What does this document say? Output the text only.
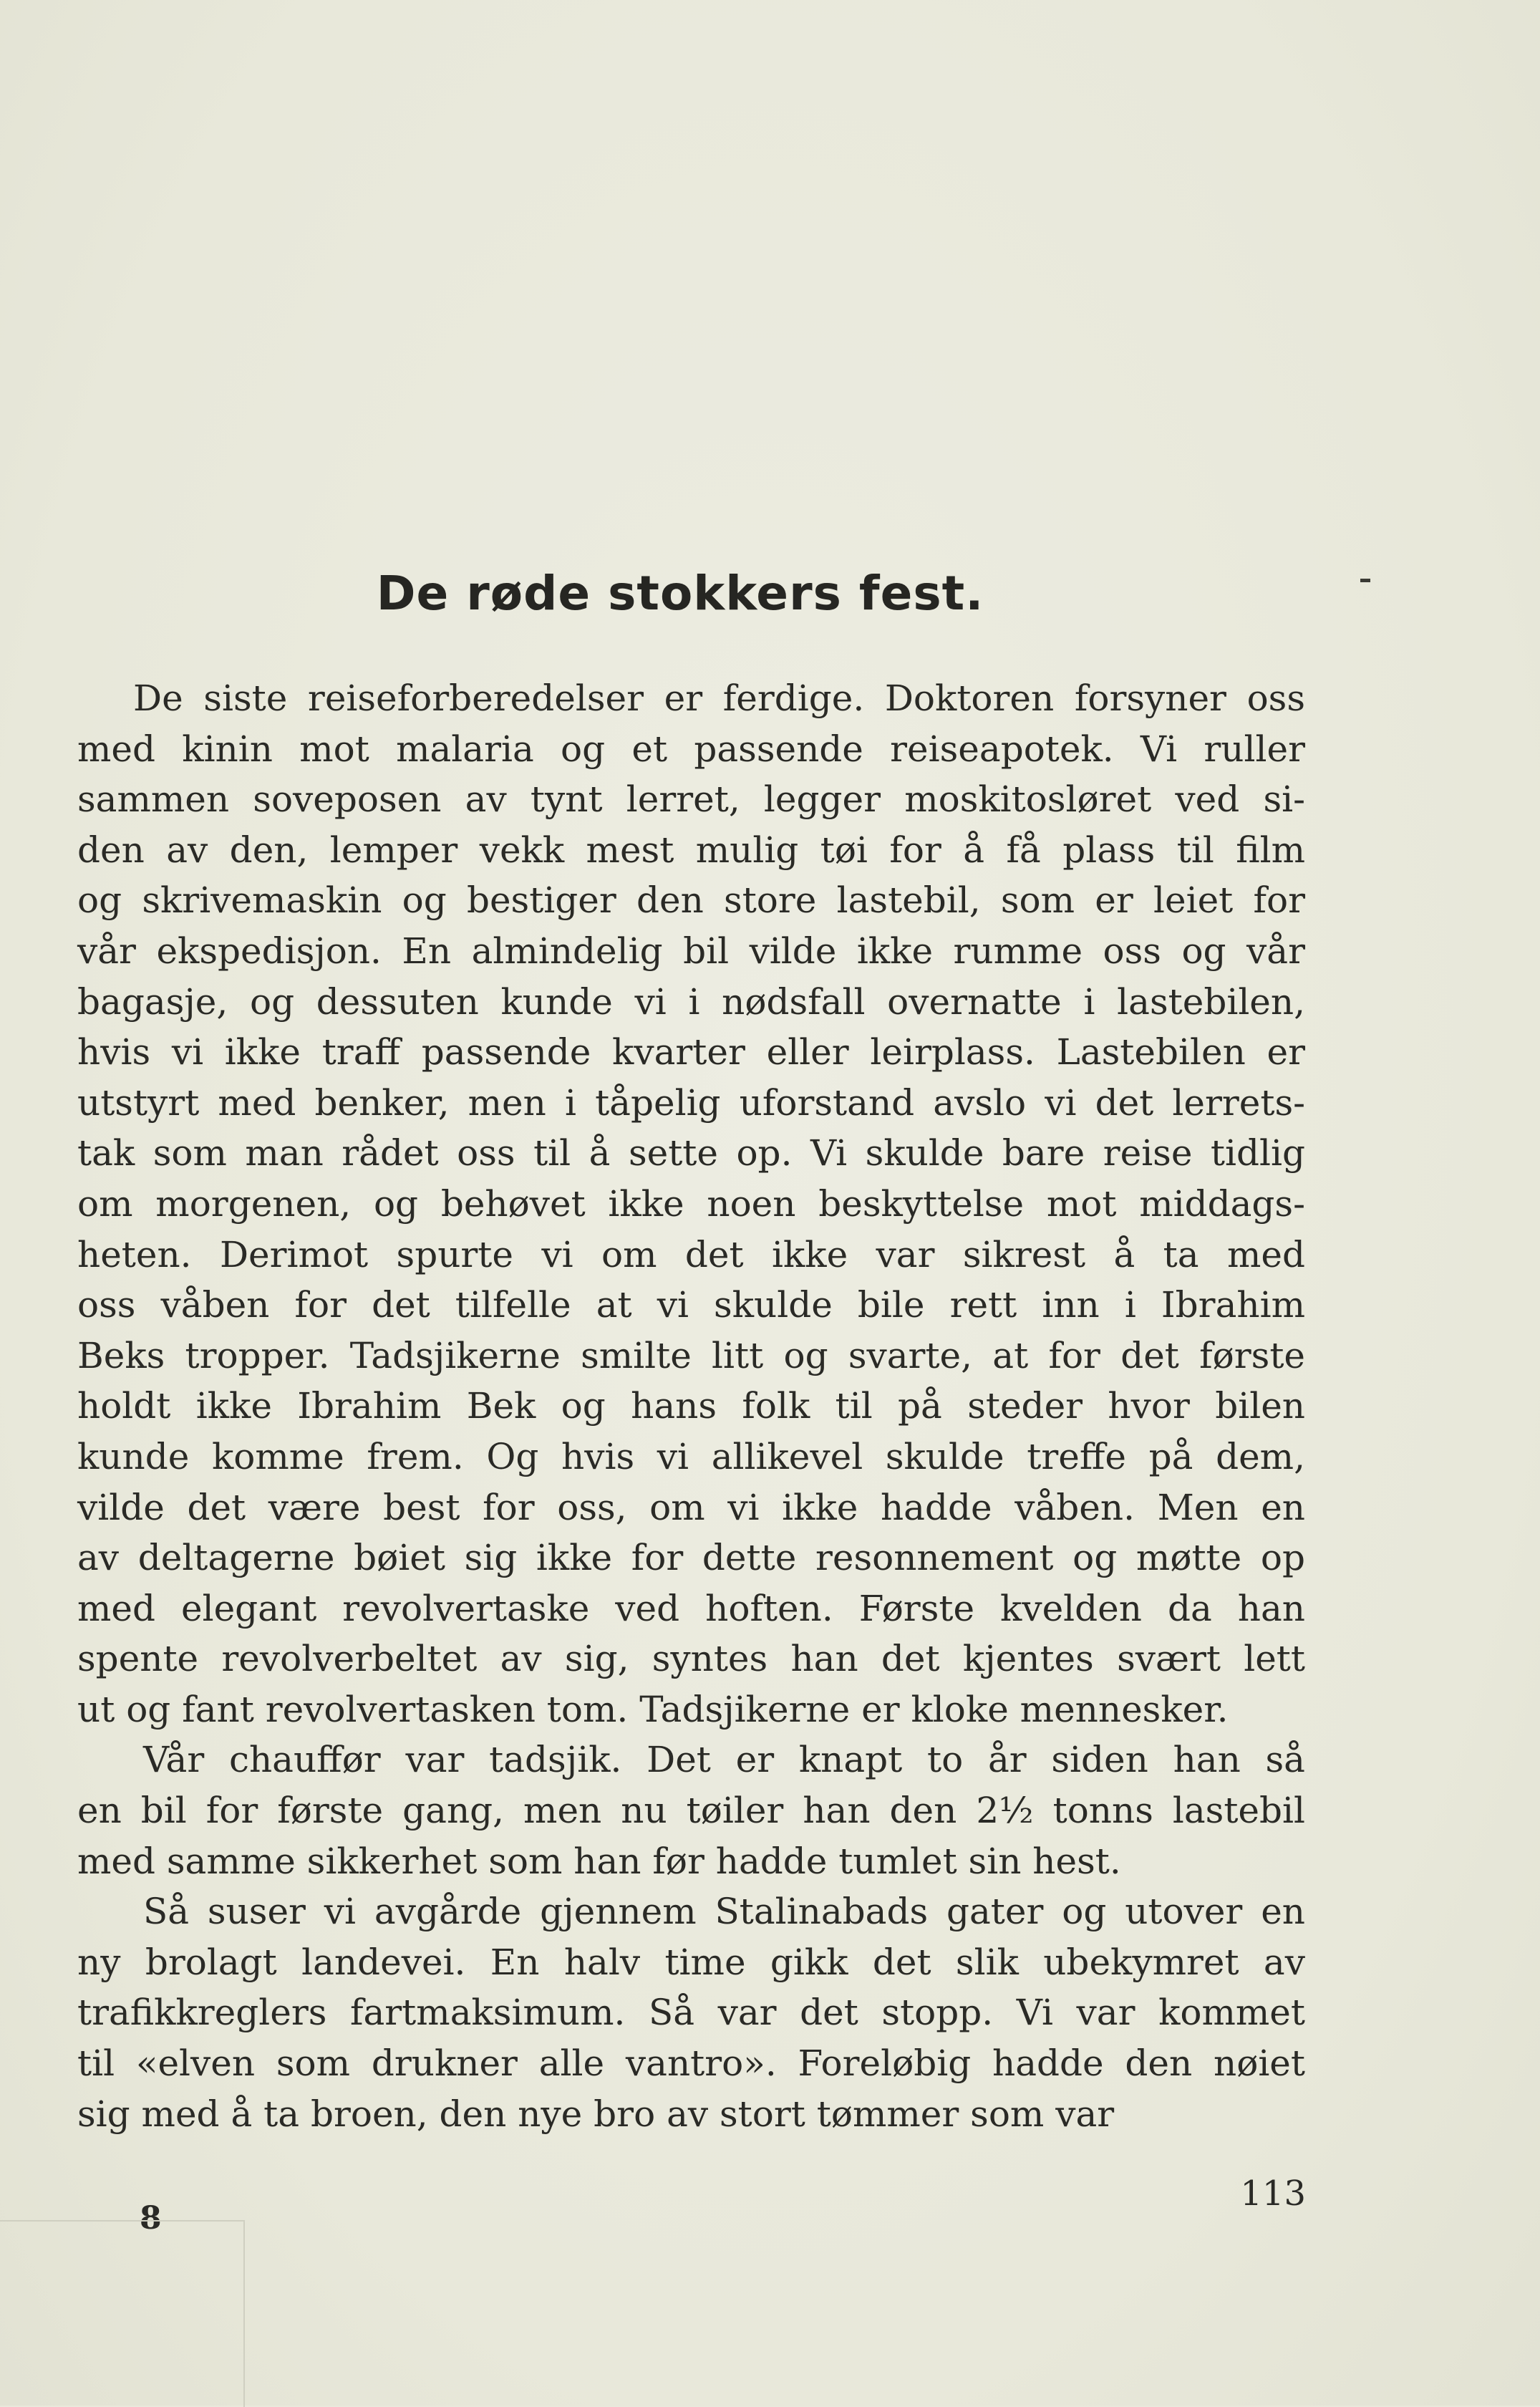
De røde stokkers fest.
De siste reiseforberedelser er ferdige. Doktoren forsyner oss
med kinin mot malaria og et passende reiseapotek. Vi ruller
sammen soveposen av tynt lerret, legger moskitosløret ved si-
den av den, lemper vekk mest mulig tøi for å få plass til film
og skrivemaskin og bestiger den store lastebil, som er leiet for
vår ekspedisjon. En almindelig bil vilde ikke rumme oss og vår
bagasje, og dessuten kunde vi i nødsfall overnatte i lastebilen,
hvis vi ikke traff passende kvarter eller leirplass. Lastebilen er
utstyrt med benker, men i tåpelig uforstand avslo vi det lerrets-
tak som man rådet oss til å sette op. Vi skulde bare reise tidlig
om morgenen, og behøvet ikke noen beskyttelse mot middags-
heten. Derimot spurte vi om det ikke var sikrest å ta med
oss våben for det tilfelle at vi skulde bile rett inn i Ibrahim
Beks tropper. Tadsjikerne smilte litt og svarte, at for det første
holdt ikke Ibrahim Bek og hans folk til på steder hvor bilen
kunde komme frem. Og hvis vi allikevel skulde treffe på dem,
vilde det være best for oss, om vi ikke hadde våben. Men en
av deltagerne bøiet sig ikke for dette resonnement og møtte op
med elegant revolvertaske ved hoften. Første kvelden da han
spente revolverbeltet av sig, syntes han det kjentes svært lett
ut og fant revolvertasken tom. Tadsjikerne er kloke mennesker.
Vår chauffør var tadsjik. Det er knapt to år siden han så
en bil for første gang, men nu tøiler han den 2½ tonns lastebil
med samme sikkerhet som han før hadde tumlet sin hest.
Så suser vi avgårde gjennem Stalinabads gater og utover en
ny brolagt landevei. En halv time gikk det slik ubekymret av
trafikkreglers fartmaksimum. Så var det stopp. Vi var kommet
til «elven som drukner alle vantro». Foreløbig hadde den nøiet
sig med å ta broen, den nye bro av stort tømmer som var
8
113
